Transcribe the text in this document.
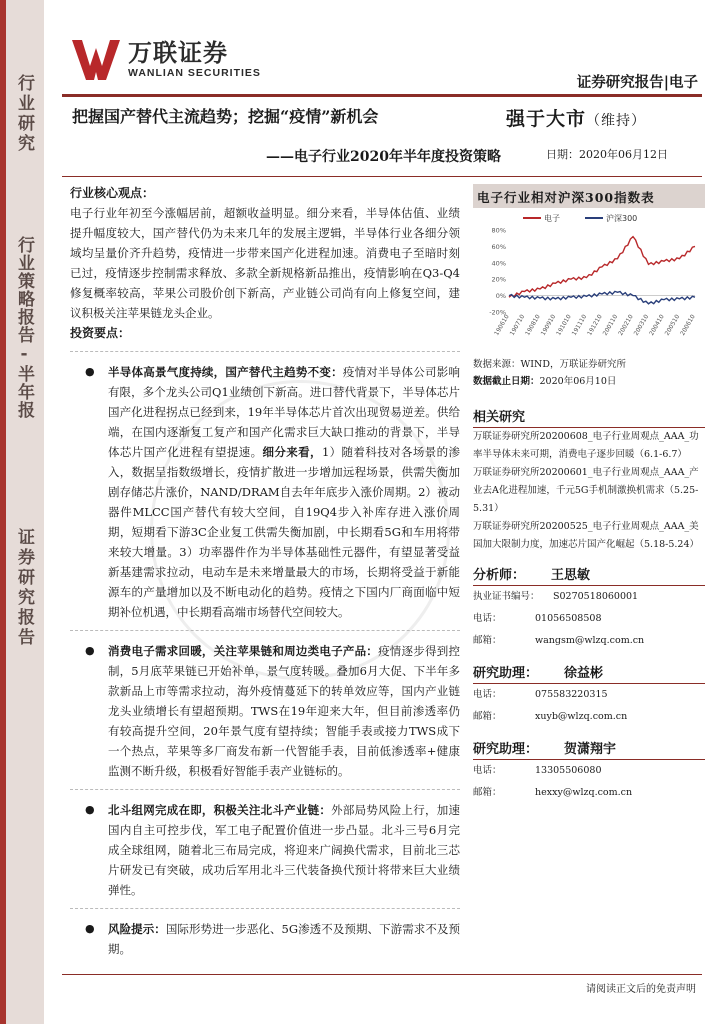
行业研究
行业策略报告-半年报
证券研究报告
万联证券
WANLIAN SECURITIES
证券研究报告|电子
把握国产替代主流趋势；挖掘“疫情”新机会
——电子行业2020年半年度投资策略
强于大市（维持）
日期：2020年06月12日
行业核心观点：
电子行业年初至今涨幅居前，超额收益明显。细分来看，半导体估值、业绩提升幅度较大，国产替代仍为未来几年的发展主逻辑，半导体行业各细分领域均呈量价齐升趋势，疫情进一步带来国产化进程加速。消费电子至暗时刻已过，疫情逐步控制需求释放、多款全新规格新品推出，疫情影响在Q3-Q4修复概率较高，苹果公司股价创下新高，产业链公司尚有向上修复空间，建议积极关注苹果链龙头企业。
投资要点：
● 半导体高景气度持续，国产替代主趋势不变：疫情对半导体公司影响有限，多个龙头公司Q1业绩创下新高。进口替代背景下，半导体芯片国产化进程拐点已经到来，19年半导体芯片首次出现贸易逆差。供给端，在国内逐渐复工复产和国产化需求巨大缺口推动的背景下，半导体芯片国产化进程有望提速。细分来看，1）随着科技对各场景的渗入，数据呈指数级增长，疫情扩散进一步增加远程场景，供需失衡加剧存储芯片涨价，NAND/DRAM自去年年底步入涨价周期。2）被动器件MLCC国产替代有较大空间，自19Q4步入补库存进入涨价周期，短期看下游3C企业复工供需失衡加剧，中长期看5G和车用将带来较大增量。3）功率器件作为半导体基础性元器件，有望显著受益新基建需求拉动，电动车是未来增量最大的市场，长期将受益于新能源车的产量增加以及不断电动化的趋势。疫情之下国内厂商面临中短期补位机遇，中长期看高端市场替代空间较大。
● 消费电子需求回暖，关注苹果链和周边类电子产品：疫情逐步得到控制，5月底苹果链已开始补单，景气度转暖。叠加6月大促、下半年多款新品上市等需求拉动，海外疫情蔓延下的转单效应等，国内产业链龙头业绩增长有望超预期。TWS在19年迎来大年，但目前渗透率仍有较高提升空间，20年景气度有望持续；智能手表或接力TWS成下一个热点，苹果等多厂商发布新一代智能手表，目前低渗透率+健康监测不断升级，积极看好智能手表产业链标的。
● 北斗组网完成在即，积极关注北斗产业链：外部局势风险上行，加速国内自主可控步伐，军工电子配置价值进一步凸显。北斗三号6月完成全球组网，随着北三布局完成，将迎来广阔换代需求，目前北三芯片研发已有突破，成功后军用北斗三代装备换代预计将带来巨大业绩弹性。
● 风险提示：国际形势进一步恶化、5G渗透不及预期、下游需求不及预期。
电子行业相对沪深300指数表
电子	沪深300
80%
60%
40%
20%
0%
-20%
190610
190710
190810
190910
191010
191110
191210
200110
200210
200310
200410
200510
200610
数据来源：WIND，万联证券研究所
数据截止日期：2020年06月10日
相关研究
万联证券研究所20200608_电子行业周观点_AAA_功率半导体未来可期，消费电子逐步回暖（6.1-6.7）
万联证券研究所20200601_电子行业周观点_AAA_产业去A化进程加速，千元5G手机制激换机需求（5.25-5.31）
万联证券研究所20200525_电子行业周观点_AAA_美国加大限制力度，加速芯片国产化崛起（5.18-5.24）
分析师： 王思敏
执业证书编号：	S0270518060001
电话：	01056508508
邮箱：	wangsm@wlzq.com.cn
研究助理： 徐益彬
电话：	075583220315
邮箱：	xuyb@wlzq.com.cn
研究助理： 贺潇翔宇
电话：	13305506080
邮箱：	hexxy@wlzq.com.cn
请阅读正文后的免责声明
